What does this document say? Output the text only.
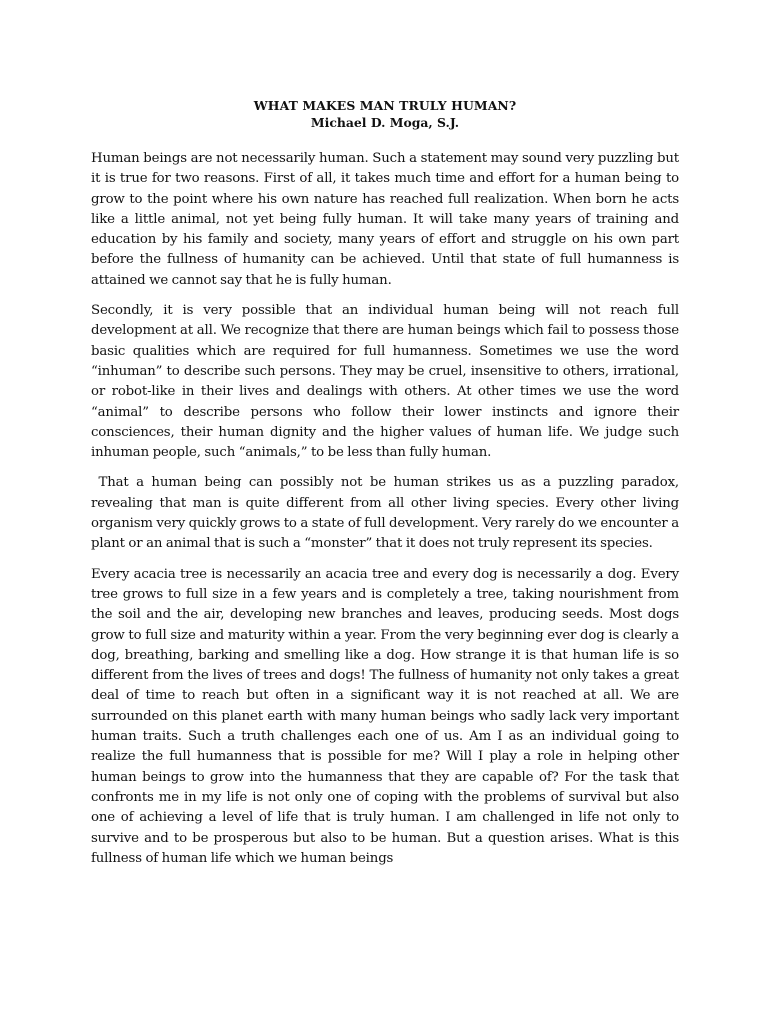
WHAT MAKES MAN TRULY HUMAN?

Michael D. Moga, S.J.

Human beings are not necessarily human. Such a statement may sound very puzzling but it is true for two reasons. First of all, it takes much time and effort for a human being to grow to the point where his own nature has reached full realization. When born he acts like a little animal, not yet being fully human. It will take many years of training and education by his family and society, many years of effort and struggle on his own part before the fullness of humanity can be achieved. Until that state of full humanness is attained we cannot say that he is fully human.

Secondly, it is very possible that an individual human being will not reach full development at all. We recognize that there are human beings which fail to possess those basic qualities which are required for full humanness. Sometimes we use the word “inhuman” to describe such persons. They may be cruel, insensitive to others, irrational, or robot-like in their lives and dealings with others. At other times we use the word “animal” to describe persons who follow their lower instincts and ignore their consciences, their human dignity and the higher values of human life. We judge such inhuman people, such “animals,” to be less than fully human.

That a human being can possibly not be human strikes us as a puzzling paradox, revealing that man is quite different from all other living species. Every other living organism very quickly grows to a state of full development. Very rarely do we encounter a plant or an animal that is such a “monster” that it does not truly represent its species.

Every acacia tree is necessarily an acacia tree and every dog is necessarily a dog. Every tree grows to full size in a few years and is completely a tree, taking nourishment from the soil and the air, developing new branches and leaves, producing seeds. Most dogs grow to full size and maturity within a year. From the very beginning ever dog is clearly a dog, breathing, barking and smelling like a dog. How strange it is that human life is so different from the lives of trees and dogs! The fullness of humanity not only takes a great deal of time to reach but often in a significant way it is not reached at all. We are surrounded on this planet earth with many human beings who sadly lack very important human traits. Such a truth challenges each one of us. Am I as an individual going to realize the full humanness that is possible for me? Will I play a role in helping other human beings to grow into the humanness that they are capable of? For the task that confronts me in my life is not only one of coping with the problems of survival but also one of achieving a level of life that is truly human. I am challenged in life not only to survive and to be prosperous but also to be human. But a question arises. What is this fullness of human life which we human beings
